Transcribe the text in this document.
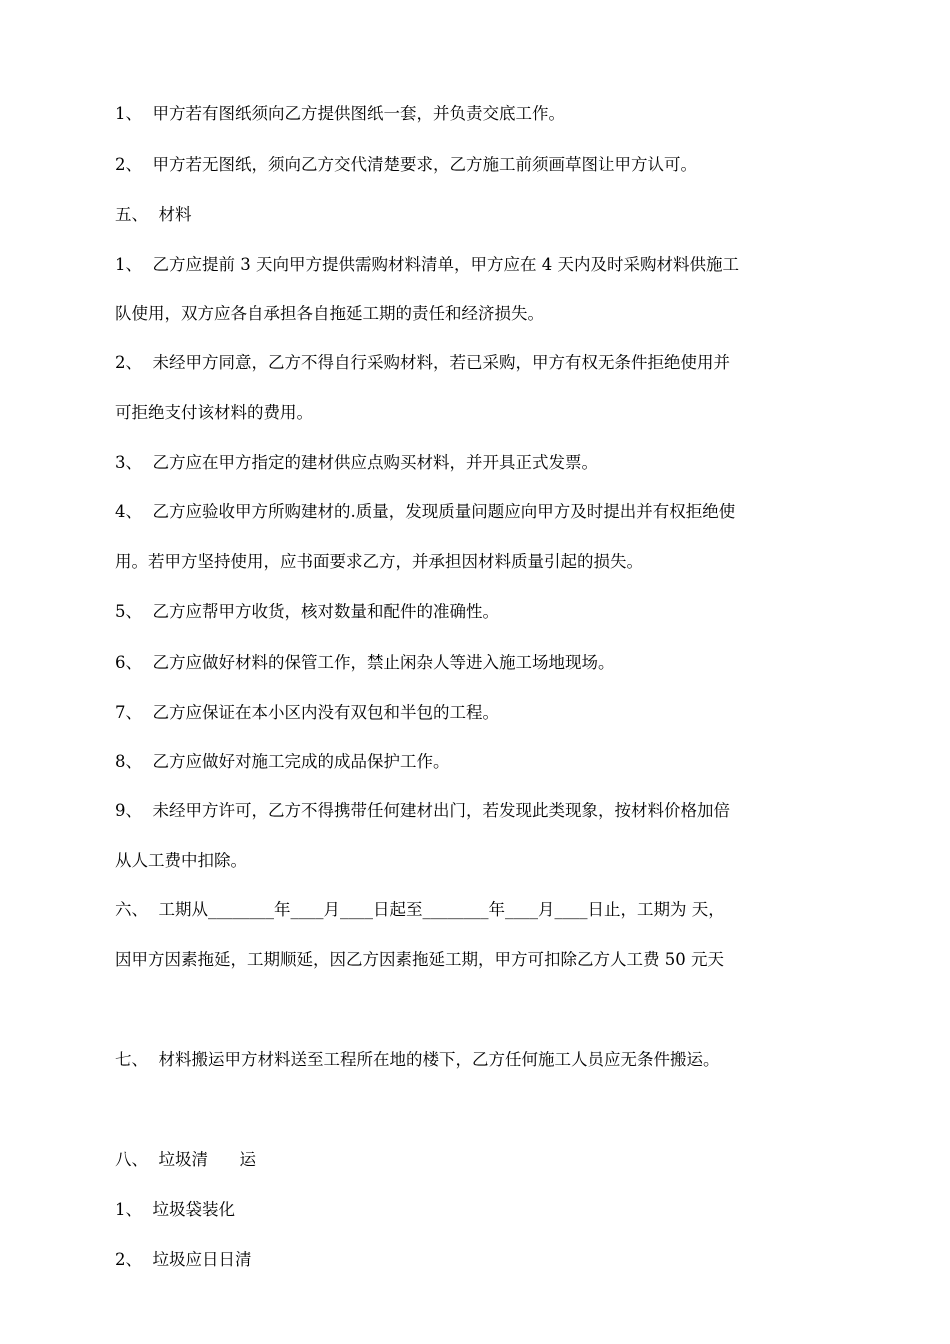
1、  甲方若有图纸须向乙方提供图纸一套，并负责交底工作。
2、  甲方若无图纸，须向乙方交代清楚要求，乙方施工前须画草图让甲方认可。
五、  材料
1、  乙方应提前 3 天向甲方提供需购材料清单，甲方应在 4 天内及时采购材料供施工
队使用，双方应各自承担各自拖延工期的责任和经济损失。
2、  未经甲方同意，乙方不得自行采购材料，若已采购，甲方有权无条件拒绝使用并
可拒绝支付该材料的费用。
3、  乙方应在甲方指定的建材供应点购买材料，并开具正式发票。
4、  乙方应验收甲方所购建材的.质量，发现质量问题应向甲方及时提出并有权拒绝使
用。若甲方坚持使用，应书面要求乙方，并承担因材料质量引起的损失。
5、  乙方应帮甲方收货，核对数量和配件的准确性。
6、  乙方应做好材料的保管工作，禁止闲杂人等进入施工场地现场。
7、  乙方应保证在本小区内没有双包和半包的工程。
8、  乙方应做好对施工完成的成品保护工作。
9、  未经甲方许可，乙方不得携带任何建材出门，若发现此类现象，按材料价格加倍
从人工费中扣除。
六、  工期从________年____月____日起至________年____月____日止，工期为 天，
因甲方因素拖延，工期顺延，因乙方因素拖延工期，甲方可扣除乙方人工费 50 元天
七、  材料搬运甲方材料送至工程所在地的楼下，乙方任何施工人员应无条件搬运。
八、  垃圾清      运
1、  垃圾袋装化
2、  垃圾应日日清
